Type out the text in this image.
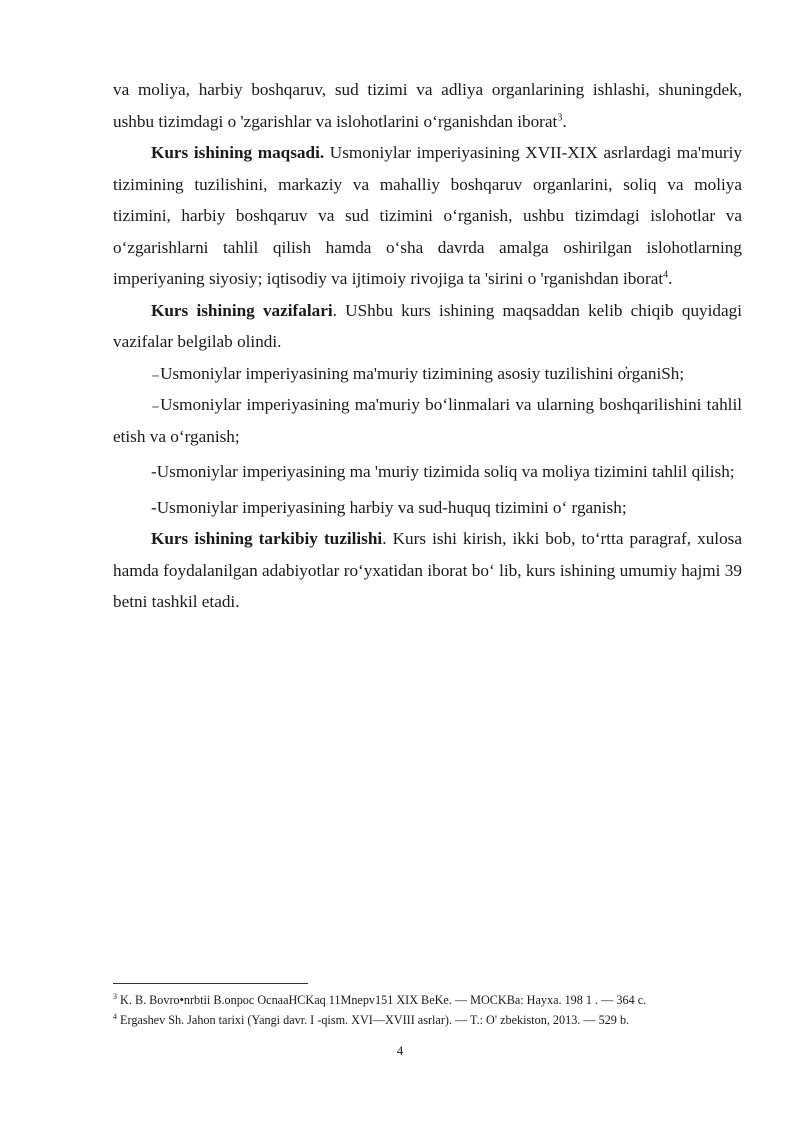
va moliya, harbiy boshqaruv, sud tizimi va adliya organlarining ishlashi, shuningdek, ushbu tizimdagi o 'zgarishlar va islohotlarini o‘rganishdan iborat$^3$.

Kurs ishining maqsadi. Usmoniylar imperiyasining XVII-XIX asrlardagi ma'muriy tizimining tuzilishini, markaziy va mahalliy boshqaruv organlarini, soliq va moliya tizimini, harbiy boshqaruv va sud tizimini o‘rganish, ushbu tizimdagi islohotlar va o‘zgarishlarni tahlil qilish hamda o‘sha davrda amalga oshirilgan islohotlarning imperiyaning siyosiy; iqtisodiy va ijtimoiy rivojiga ta 'sirini o 'rganishdan iborat$^4$.

Kurs ishining vazifalari. UShbu kurs ishining maqsaddan kelib chiqib quyidagi vazifalar belgilab olindi.

₋Usmoniylar imperiyasining ma'muriy tizimining asosiy tuzilishini o̓rganiSh;

₋Usmoniylar imperiyasining ma'muriy bo‘linmalari va ularning boshqarilishini tahlil etish va o‘rganish;

-Usmoniylar imperiyasining ma 'muriy tizimida soliq va moliya tizimini tahlil qilish;

-Usmoniylar imperiyasining harbiy va sud-huquq tizimini o‘ rganish;

Kurs ishining tarkibiy tuzilishi. Kurs ishi kirish, ikki bob, to‘rtta paragraf, xulosa hamda foydalanilgan adabiyotlar ro‘yxatidan iborat bo‘ lib, kurs ishining umumiy hajmi 39 betni tashkil etadi.

$^3$ K. B. Bovro•nrbtii B.onpoc OcnaaHCKaq 11Mnepv151 XIX BeKe. — MOCKBa: Hayxa. 198 1 . — 364 c.

$^4$ Ergashev Sh. Jahon tarixi (Yangi davr. I -qism. XVI—XVIII asrlar). — T.: O' zbekiston, 2013. — 529 b.

4
